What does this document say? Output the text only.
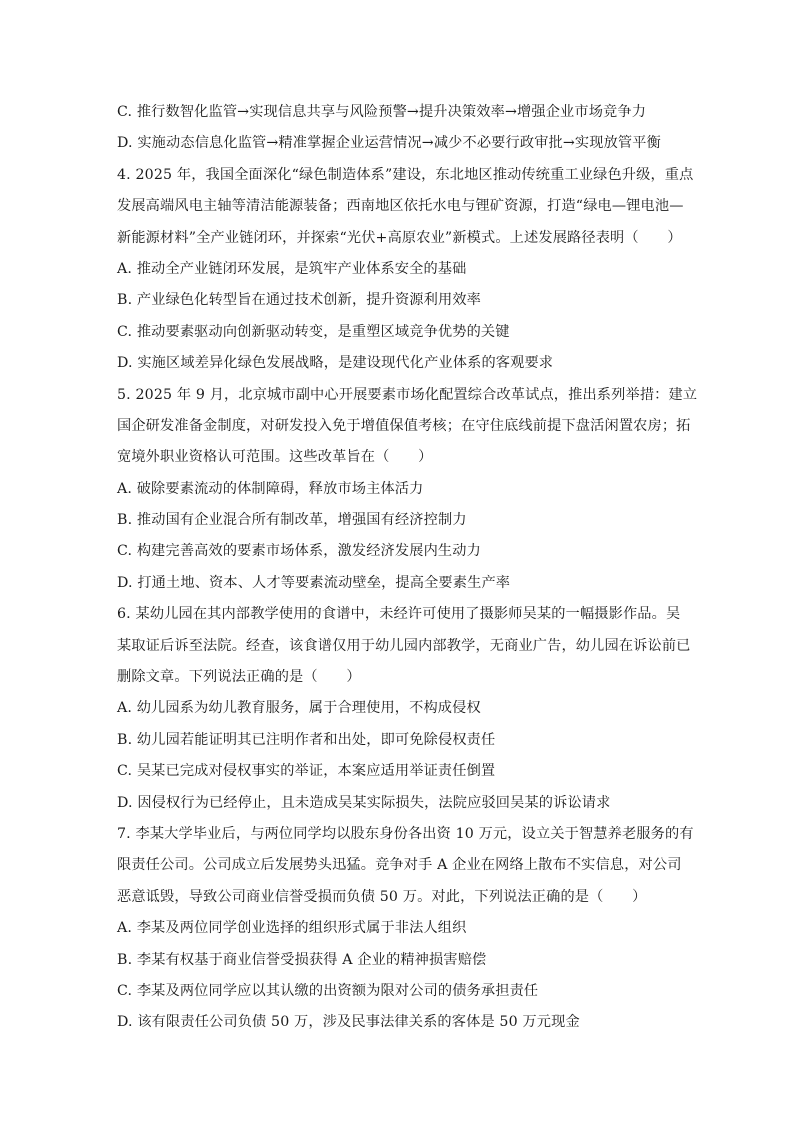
C. 推行数智化监管→实现信息共享与风险预警→提升决策效率→增强企业市场竞争力
D. 实施动态信息化监管→精准掌握企业运营情况→减少不必要行政审批→实现放管平衡
4. 2025 年，我国全面深化“绿色制造体系”建设，东北地区推动传统重工业绿色升级，重点
发展高端风电主轴等清洁能源装备；西南地区依托水电与锂矿资源，打造“绿电—锂电池—
新能源材料”全产业链闭环，并探索“光伏+高原农业”新模式。上述发展路径表明（　　）
A. 推动全产业链闭环发展，是筑牢产业体系安全的基础
B. 产业绿色化转型旨在通过技术创新，提升资源利用效率
C. 推动要素驱动向创新驱动转变，是重塑区域竞争优势的关键
D. 实施区域差异化绿色发展战略，是建设现代化产业体系的客观要求
5. 2025 年 9 月，北京城市副中心开展要素市场化配置综合改革试点，推出系列举措：建立
国企研发准备金制度，对研发投入免于增值保值考核；在守住底线前提下盘活闲置农房；拓
宽境外职业资格认可范围。这些改革旨在（　　）
A. 破除要素流动的体制障碍，释放市场主体活力
B. 推动国有企业混合所有制改革，增强国有经济控制力
C. 构建完善高效的要素市场体系，激发经济发展内生动力
D. 打通土地、资本、人才等要素流动壁垒，提高全要素生产率
6. 某幼儿园在其内部教学使用的食谱中，未经许可使用了摄影师吴某的一幅摄影作品。吴
某取证后诉至法院。经查，该食谱仅用于幼儿园内部教学，无商业广告，幼儿园在诉讼前已
删除文章。下列说法正确的是（　　）
A. 幼儿园系为幼儿教育服务，属于合理使用，不构成侵权
B. 幼儿园若能证明其已注明作者和出处，即可免除侵权责任
C. 吴某已完成对侵权事实的举证，本案应适用举证责任倒置
D. 因侵权行为已经停止，且未造成吴某实际损失，法院应驳回吴某的诉讼请求
7. 李某大学毕业后，与两位同学均以股东身份各出资 10 万元，设立关于智慧养老服务的有
限责任公司。公司成立后发展势头迅猛。竞争对手 A 企业在网络上散布不实信息，对公司
恶意诋毁，导致公司商业信誉受损而负债 50 万。对此，下列说法正确的是（　　）
A. 李某及两位同学创业选择的组织形式属于非法人组织
B. 李某有权基于商业信誉受损获得 A 企业的精神损害赔偿
C. 李某及两位同学应以其认缴的出资额为限对公司的债务承担责任
D. 该有限责任公司负债 50 万，涉及民事法律关系的客体是 50 万元现金
